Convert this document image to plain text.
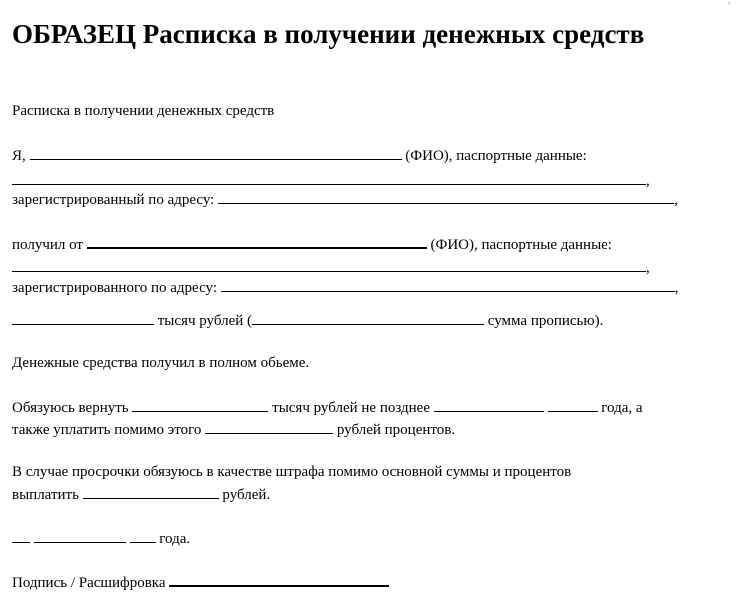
’
ОБРАЗЕЦ Расписка в получении денежных средств
Расписка в получении денежных средств
Я,	(ФИО), паспортные данные:
,
зарегистрированный по адресу:	,
получил от	(ФИО), паспортные данные:
,
зарегистрированного по адресу:	,
тысяч рублей (	сумма прописью).
Денежные средства получил в полном обьеме.
Обязуюсь вернуть	тысяч рублей не позднее	года, а
также уплатить помимо этого	рублей процентов.
В случае просрочки обязуюсь в качестве штрафа помимо основной суммы и процентов
выплатить	рублей.
года.
Подпись / Расшифровка
